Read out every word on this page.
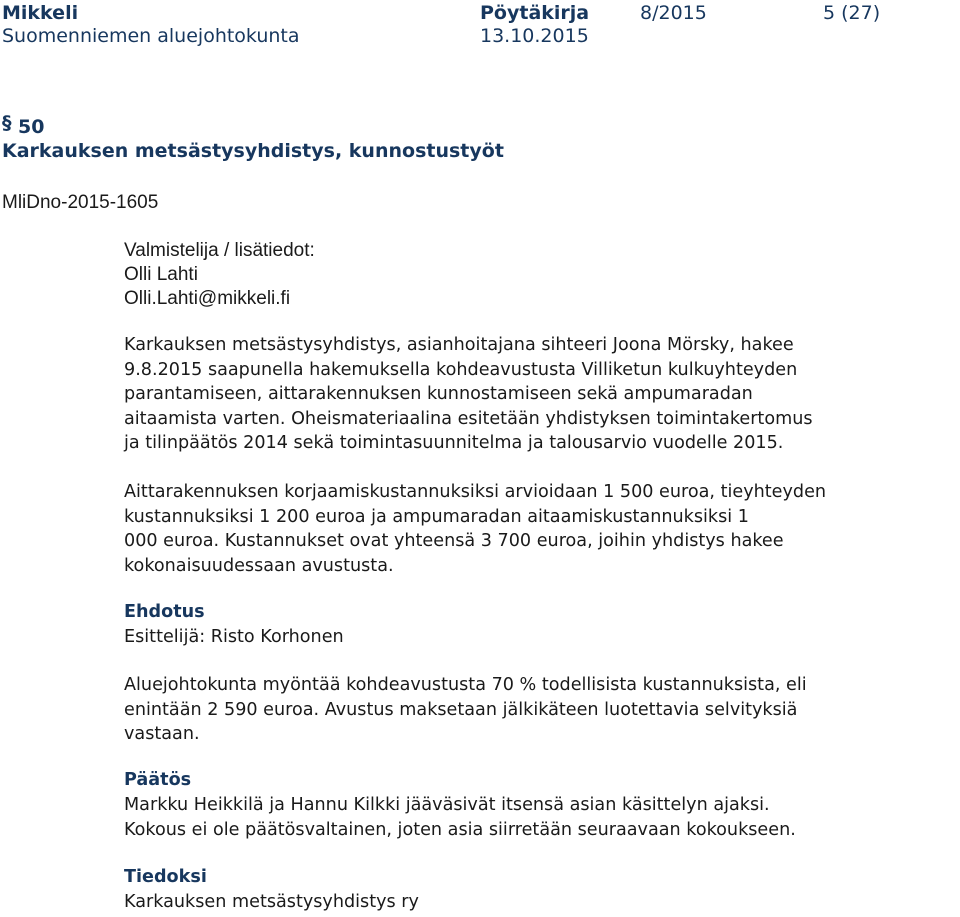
Mikkeli
Suomenniemen aluejohtokunta
Pöytäkirja
13.10.2015
8/2015	5 (27)
§ 50
Karkauksen metsästysyhdistys, kunnostustyöt
MliDno-2015-1605
Valmistelija / lisätiedot:
Olli Lahti
Olli.Lahti@mikkeli.fi
Karkauksen metsästysyhdistys, asianhoitajana sihteeri Joona Mörsky, hakee
9.8.2015 saapunella hakemuksella kohdeavustusta Villiketun kulkuyhteyden
parantamiseen, aittarakennuksen kunnostamiseen sekä ampumaradan
aitaamista varten. Oheismateriaalina esitetään yhdistyksen toimintakertomus
ja tilinpäätös 2014 sekä toimintasuunnitelma ja talousarvio vuodelle 2015.
Aittarakennuksen korjaamiskustannuksiksi arvioidaan 1 500 euroa, tieyhteyden
kustannuksiksi 1 200 euroa ja ampumaradan aitaamiskustannuksiksi 1
000 euroa. Kustannukset ovat yhteensä 3 700 euroa, joihin yhdistys hakee
kokonaisuudessaan avustusta.
Ehdotus
Esittelijä: Risto Korhonen
Aluejohtokunta myöntää kohdeavustusta 70 % todellisista kustannuksista, eli
enintään 2 590 euroa. Avustus maksetaan jälkikäteen luotettavia selvityksiä
vastaan.
Päätös
Markku Heikkilä ja Hannu Kilkki jääväsivät itsensä asian käsittelyn ajaksi.
Kokous ei ole päätösvaltainen, joten asia siirretään seuraavaan kokoukseen.
Tiedoksi
Karkauksen metsästysyhdistys ry
